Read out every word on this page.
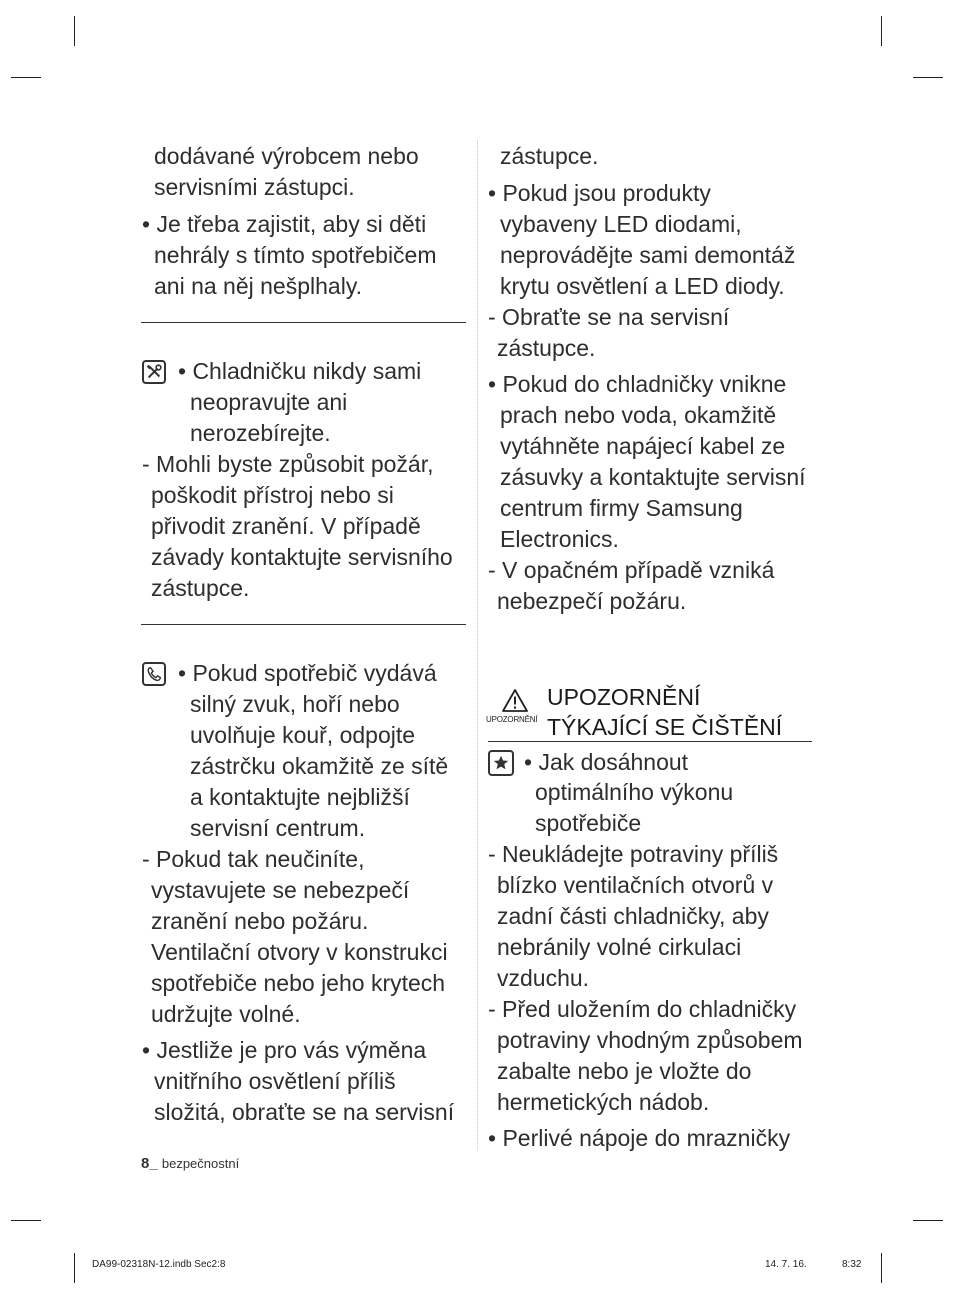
dodávané výrobcem nebo
servisními zástupci.
• Je třeba zajistit, aby si děti
nehrály s tímto spotřebičem
ani na něj nešplhaly.
• Chladničku nikdy sami
neopravujte ani
nerozebírejte.
- Mohli byste způsobit požár,
poškodit přístroj nebo si
přivodit zranění. V případě
závady kontaktujte servisního
zástupce.
• Pokud spotřebič vydává
silný zvuk, hoří nebo
uvolňuje kouř, odpojte
zástrčku okamžitě ze sítě
a kontaktujte nejbližší
servisní centrum.
- Pokud tak neučiníte,
vystavujete se nebezpečí
zranění nebo požáru.
Ventilační otvory v konstrukci
spotřebiče nebo jeho krytech
udržujte volné.
• Jestliže je pro vás výměna
vnitřního osvětlení příliš
složitá, obraťte se na servisní
zástupce.
• Pokud jsou produkty
vybaveny LED diodami,
neprovádějte sami demontáž
krytu osvětlení a LED diody.
- Obraťte se na servisní
zástupce.
• Pokud do chladničky vnikne
prach nebo voda, okamžitě
vytáhněte napájecí kabel ze
zásuvky a kontaktujte servisní
centrum firmy Samsung
Electronics.
- V opačném případě vzniká
nebezpečí požáru.
UPOZORNĚNÍ
UPOZORNĚNÍ
TÝKAJÍCÍ SE ČIŠTĚNÍ
• Jak dosáhnout
optimálního výkonu
spotřebiče
- Neukládejte potraviny příliš
blízko ventilačních otvorů v
zadní části chladničky, aby
nebránily volné cirkulaci
vzduchu.
- Před uložením do chladničky
potraviny vhodným způsobem
zabalte nebo je vložte do
hermetických nádob.
• Perlivé nápoje do mrazničky
8_ bezpečnostní
DA99-02318N-12.indb Sec2:8	14. 7. 16.	8:32
